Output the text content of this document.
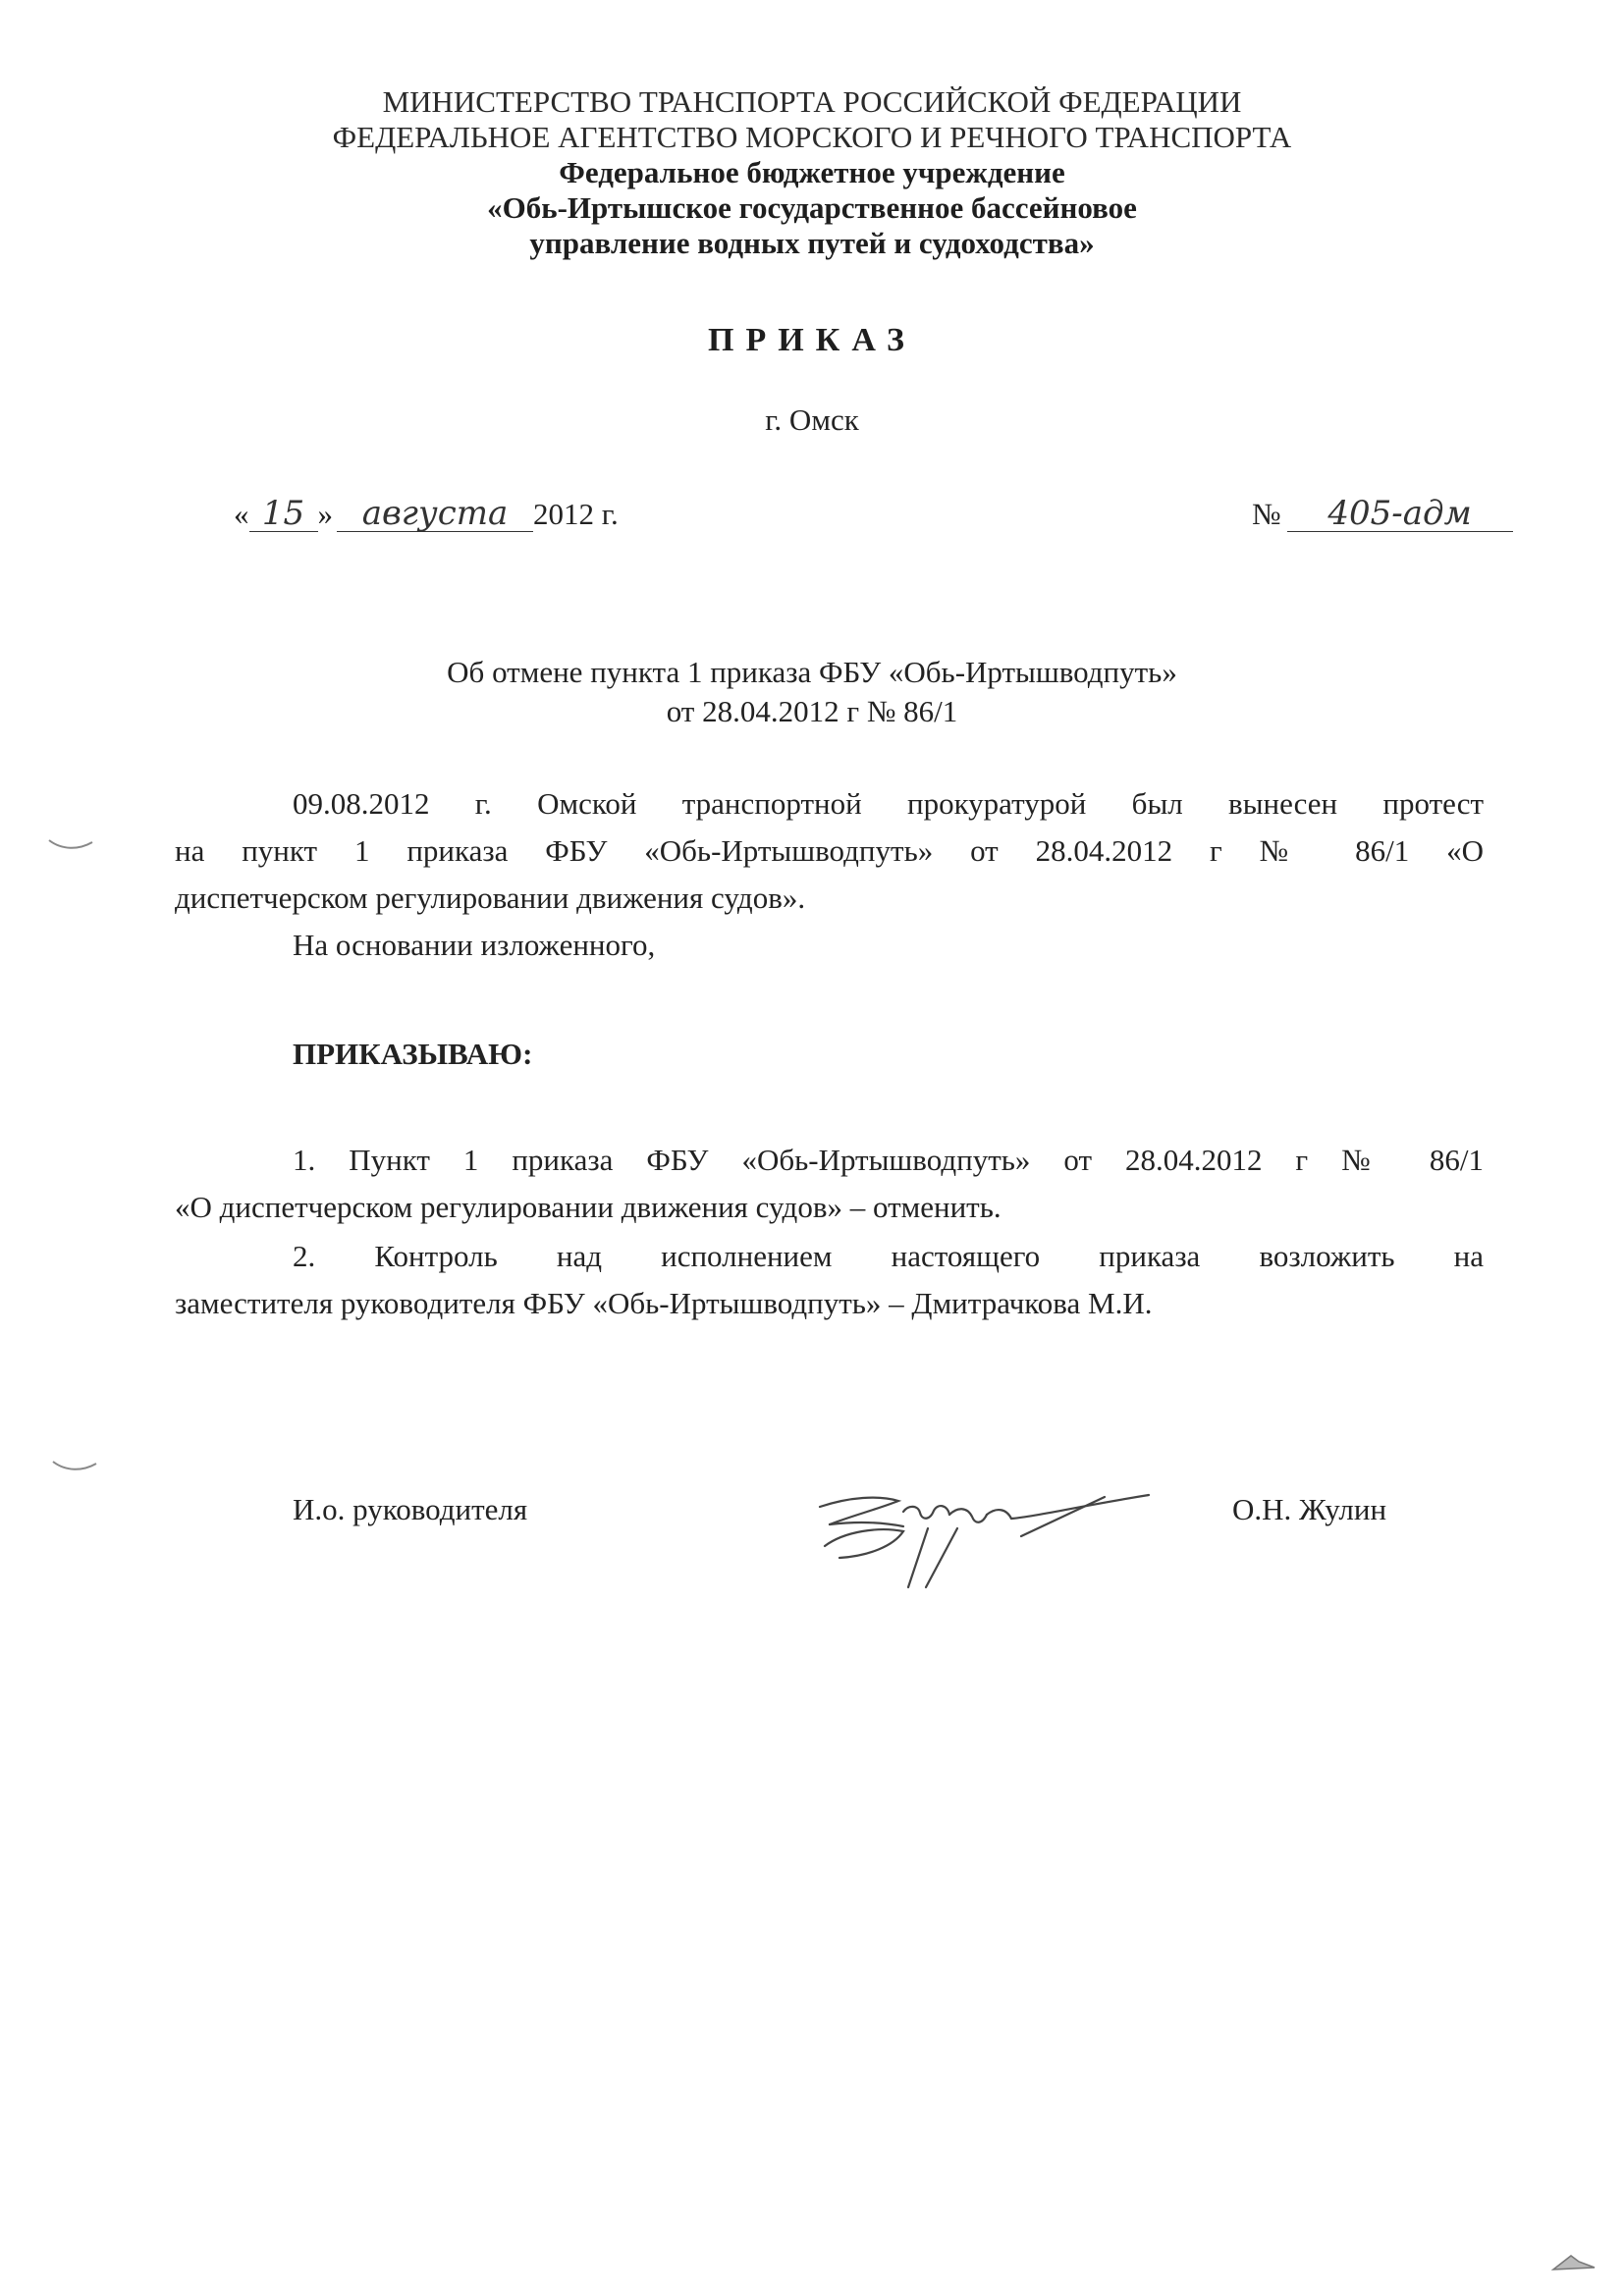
МИНИСТЕРСТВО ТРАНСПОРТА РОССИЙСКОЙ ФЕДЕРАЦИИ
ФЕДЕРАЛЬНОЕ АГЕНТСТВО МОРСКОГО И РЕЧНОГО ТРАНСПОРТА
Федеральное бюджетное учреждение
«Обь-Иртышское государственное бассейновое
управление водных путей и судоходства»
ПРИКАЗ
г. Омск
« 15 » августа 2012 г.	№ 405-адм
Об отмене пункта 1 приказа ФБУ «Обь-Иртышводпуть»
от 28.04.2012 г № 86/1
09.08.2012 г. Омской транспортной прокуратурой был вынесен протест
на пункт 1 приказа ФБУ «Обь-Иртышводпуть» от 28.04.2012 г № 86/1 «О
диспетчерском регулировании движения судов».
На основании изложенного,
ПРИКАЗЫВАЮ:
1. Пункт 1 приказа ФБУ «Обь-Иртышводпуть» от 28.04.2012 г № 86/1
«О диспетчерском регулировании движения судов» – отменить.
2. Контроль над исполнением настоящего приказа возложить на
заместителя руководителя ФБУ «Обь-Иртышводпуть» – Дмитрачкова М.И.
И.о. руководителя	О.Н. Жулин
